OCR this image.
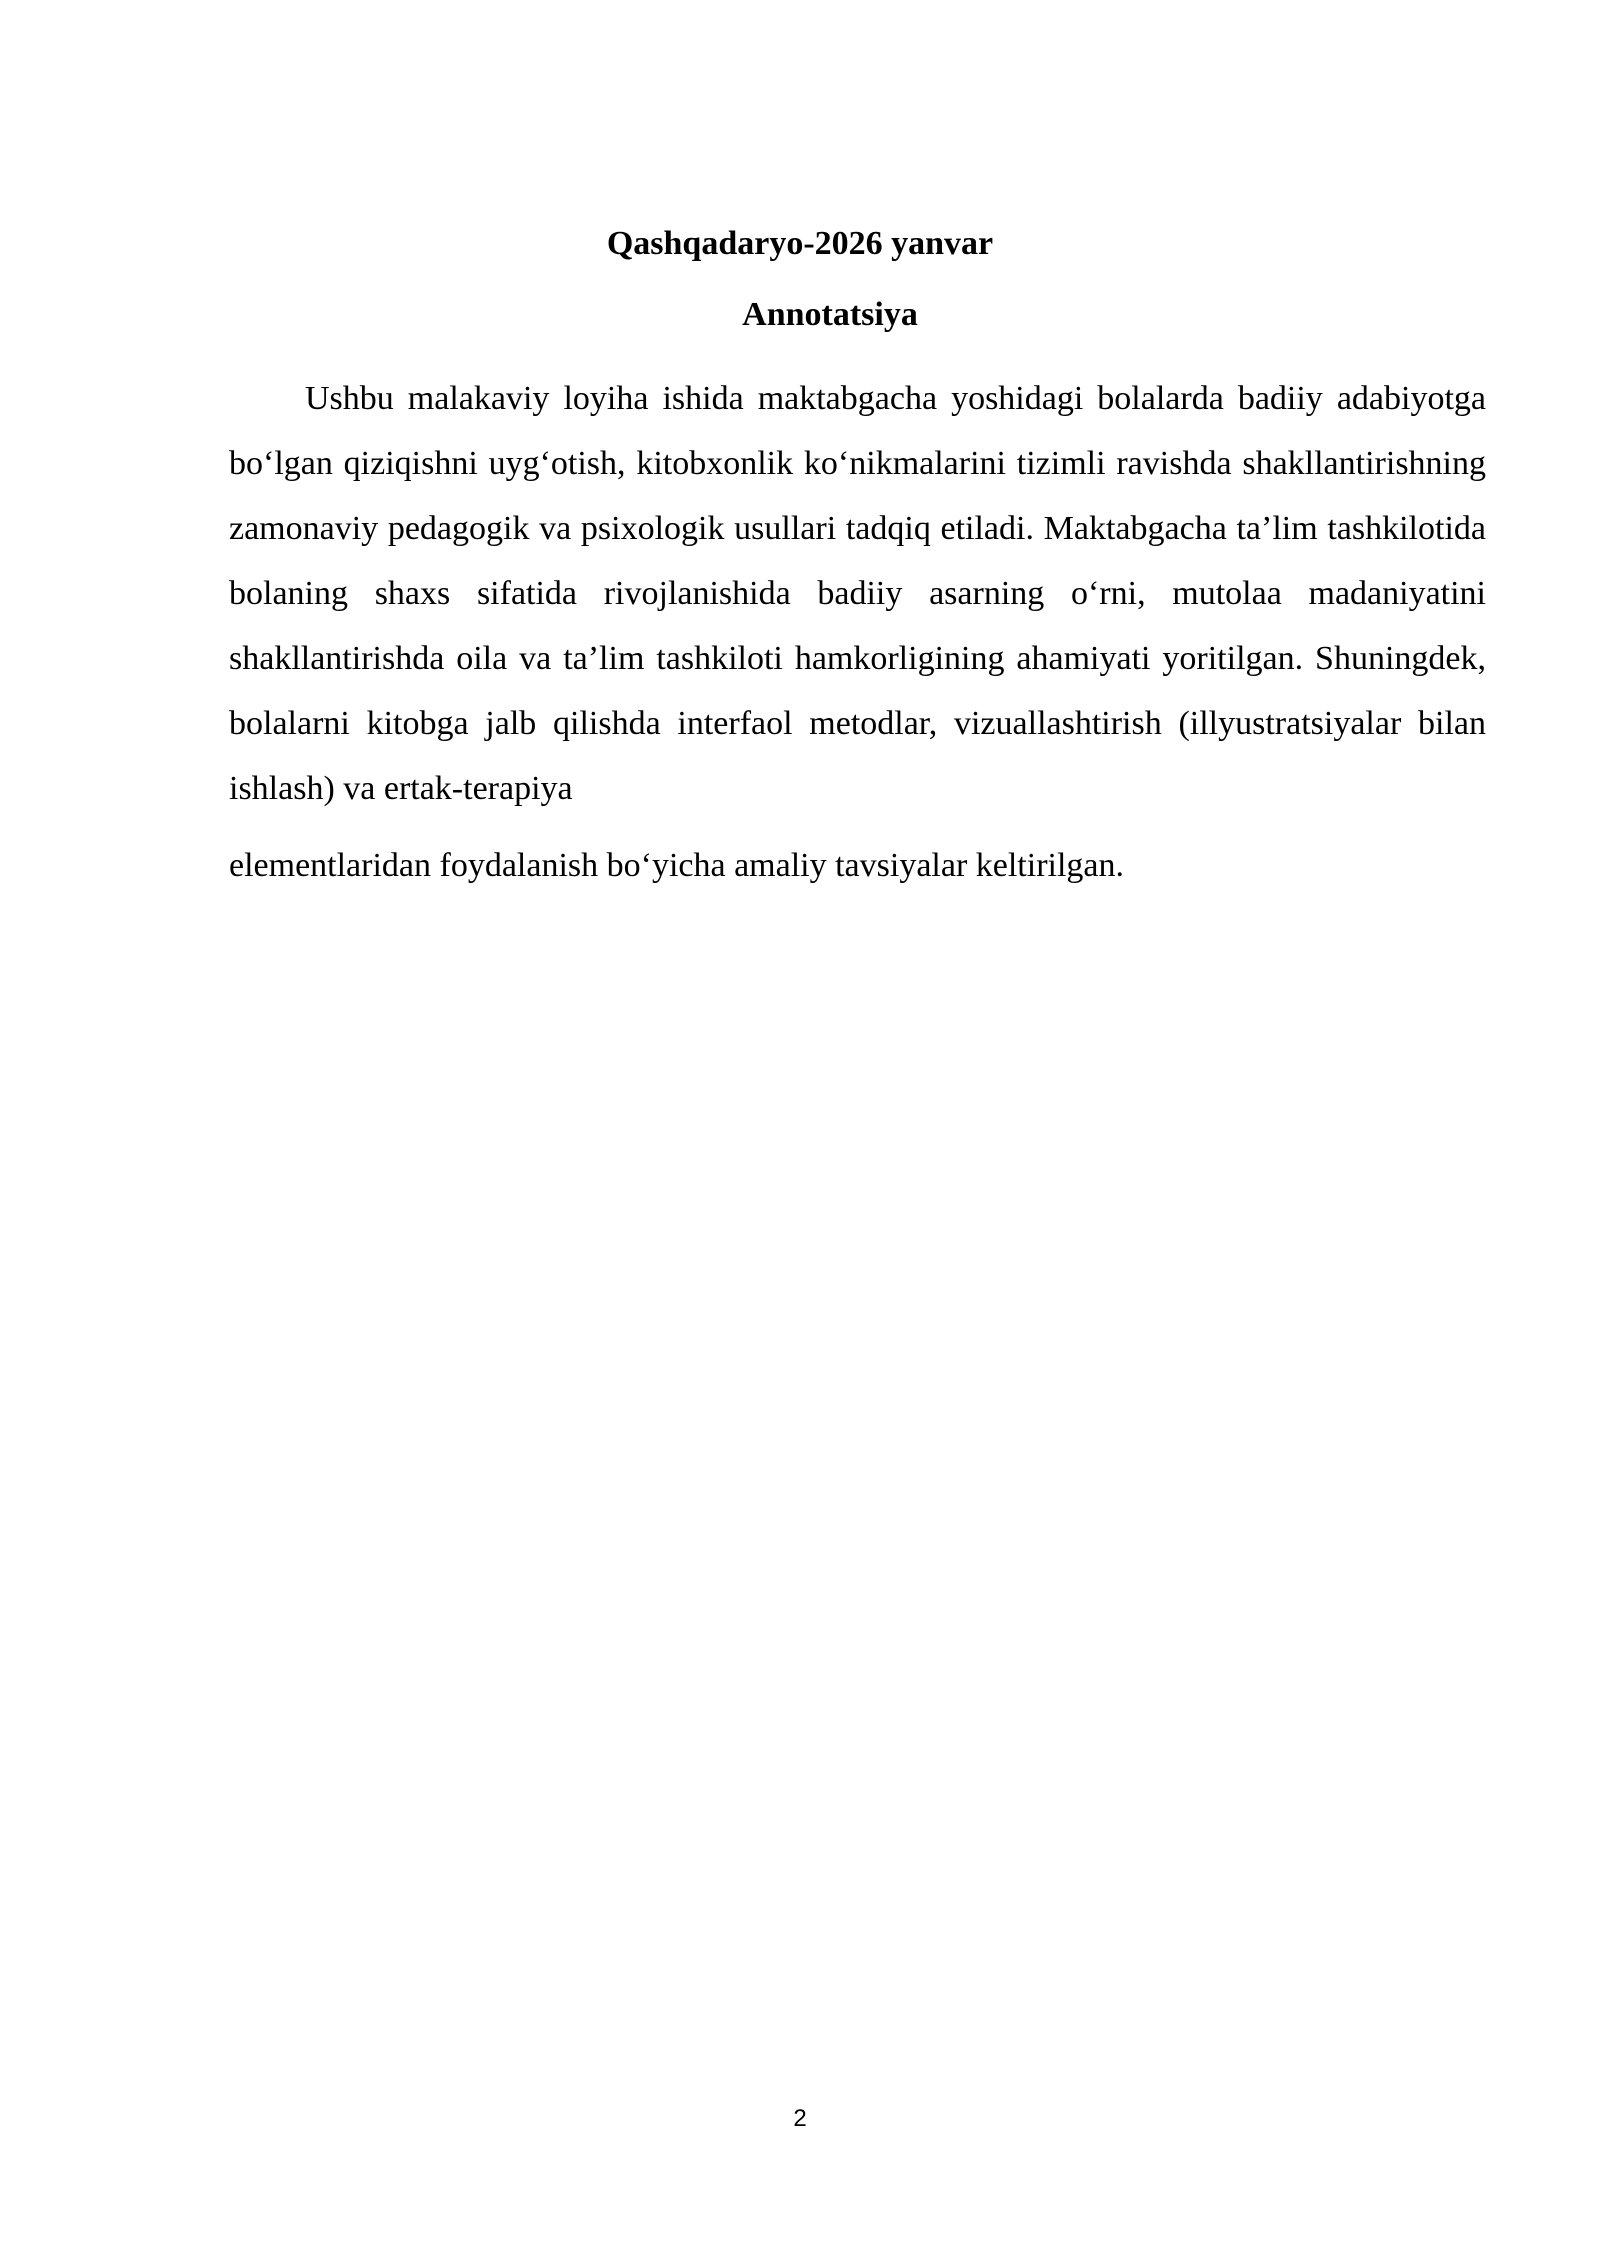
Qashqadaryo-2026 yanvar
Annotatsiya

Ushbu malakaviy loyiha ishida maktabgacha yoshidagi bolalarda badiiy adabiyotga bo‘lgan qiziqishni uyg‘otish, kitobxonlik ko‘nikmalarini tizimli ravishda shakllantirishning zamonaviy pedagogik va psixologik usullari tadqiq etiladi. Maktabgacha ta’lim tashkilotida bolaning shaxs sifatida rivojlanishida badiiy asarning o‘rni, mutolaa madaniyatini shakllantirishda oila va ta’lim tashkiloti hamkorligining ahamiyati yoritilgan. Shuningdek, bolalarni kitobga jalb qilishda interfaol metodlar, vizuallashtirish (illyustratsiyalar bilan ishlash) va ertak-terapiya
elementlaridan foydalanish bo‘yicha amaliy tavsiyalar keltirilgan.

2
